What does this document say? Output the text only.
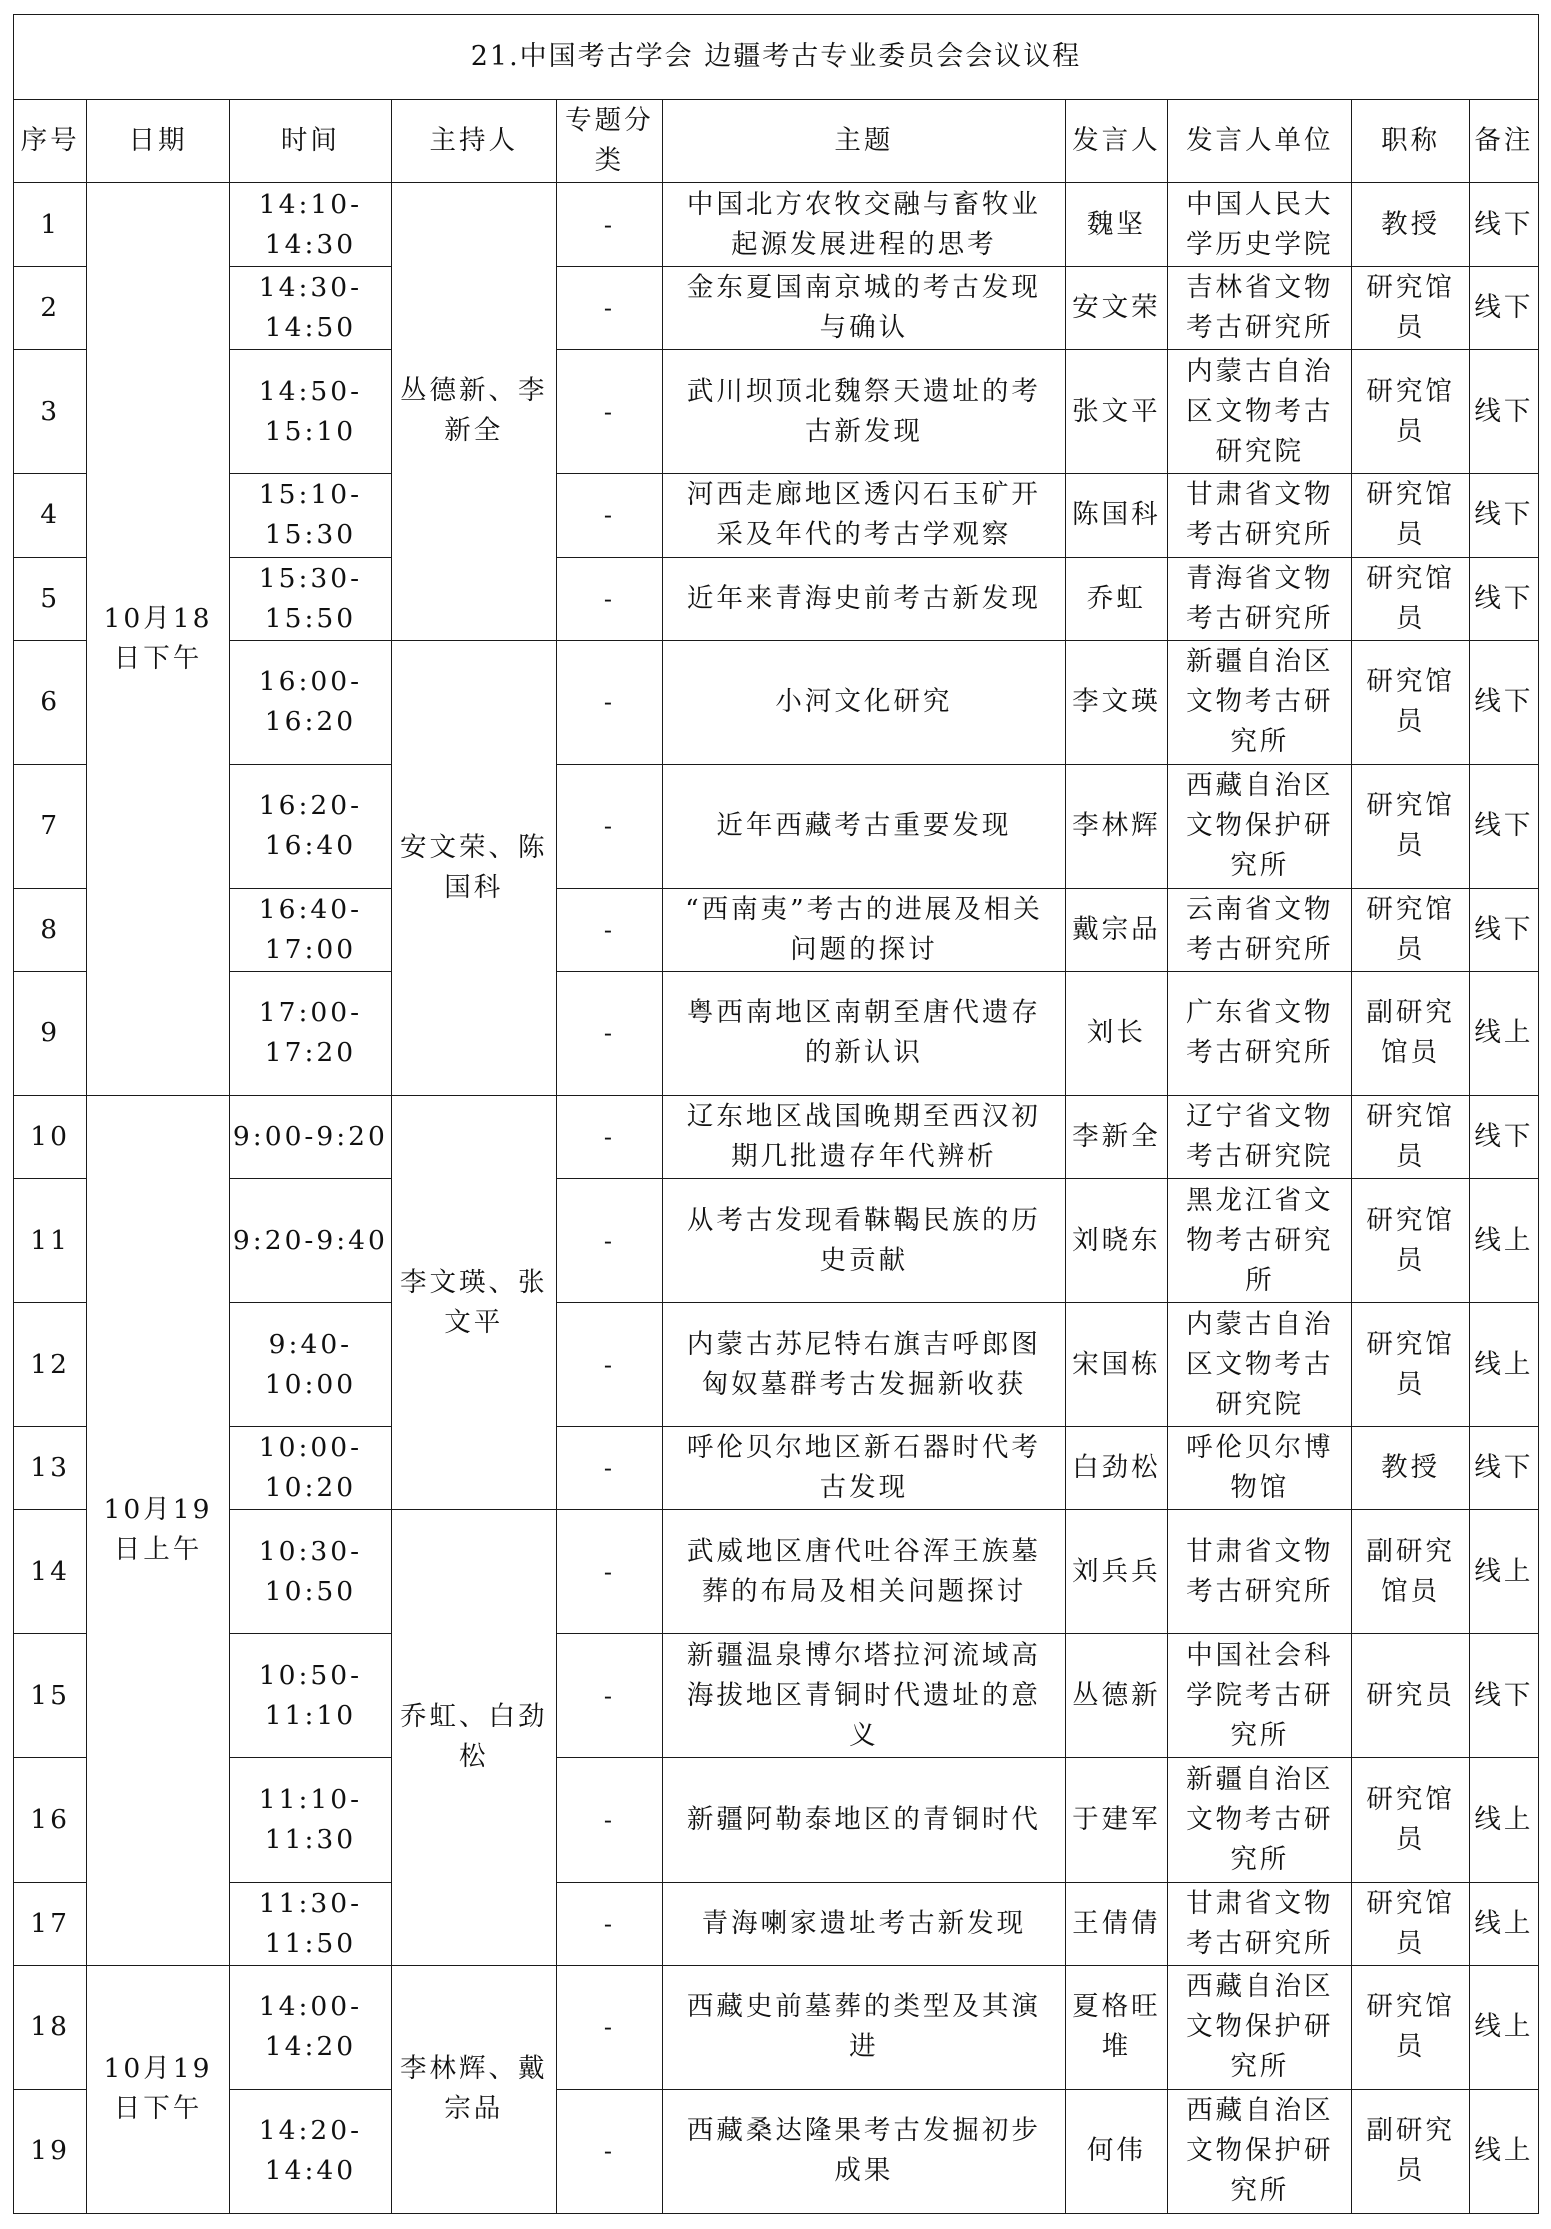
21.中国考古学会 边疆考古专业委员会会议议程									
序号	日期	时间	主持人	专题分类	主题	发言人	发言人单位	职称	备注
1	10月18日下午	14:10-14:30	丛德新、李新全	-	中国北方农牧交融与畜牧业起源发展进程的思考	魏坚	中国人民大学历史学院	教授	线下
2		14:30-14:50		-	金东夏国南京城的考古发现与确认	安文荣	吉林省文物考古研究所	研究馆员	线下
3		14:50-15:10		-	武川坝顶北魏祭天遗址的考古新发现	张文平	内蒙古自治区文物考古研究院	研究馆员	线下
4		15:10-15:30		-	河西走廊地区透闪石玉矿开采及年代的考古学观察	陈国科	甘肃省文物考古研究所	研究馆员	线下
5		15:30-15:50		-	近年来青海史前考古新发现	乔虹	青海省文物考古研究所	研究馆员	线下
6		16:00-16:20	安文荣、陈国科	-	小河文化研究	李文瑛	新疆自治区文物考古研究所	研究馆员	线下
7		16:20-16:40		-	近年西藏考古重要发现	李林辉	西藏自治区文物保护研究所	研究馆员	线下
8		16:40-17:00		-	“西南夷”考古的进展及相关问题的探讨	戴宗品	云南省文物考古研究所	研究馆员	线下
9		17:00-17:20		-	粤西南地区南朝至唐代遗存的新认识	刘长	广东省文物考古研究所	副研究馆员	线上
10	10月19日上午	9:00-9:20	李文瑛、张文平	-	辽东地区战国晚期至西汉初期几批遗存年代辨析	李新全	辽宁省文物考古研究院	研究馆员	线下
11		9:20-9:40		-	从考古发现看靺鞨民族的历史贡献	刘晓东	黑龙江省文物考古研究所	研究馆员	线上
12		9:40-10:00		-	内蒙古苏尼特右旗吉呼郎图匈奴墓群考古发掘新收获	宋国栋	内蒙古自治区文物考古研究院	研究馆员	线上
13		10:00-10:20		-	呼伦贝尔地区新石器时代考古发现	白劲松	呼伦贝尔博物馆	教授	线下
14		10:30-10:50	乔虹、白劲松	-	武威地区唐代吐谷浑王族墓葬的布局及相关问题探讨	刘兵兵	甘肃省文物考古研究所	副研究馆员	线上
15		10:50-11:10		-	新疆温泉博尔塔拉河流域高海拔地区青铜时代遗址的意义	丛德新	中国社会科学院考古研究所	研究员	线下
16		11:10-11:30		-	新疆阿勒泰地区的青铜时代	于建军	新疆自治区文物考古研究所	研究馆员	线上
17		11:30-11:50		-	青海喇家遗址考古新发现	王倩倩	甘肃省文物考古研究所	研究馆员	线上
18	10月19日下午	14:00-14:20	李林辉、戴宗品	-	西藏史前墓葬的类型及其演进	夏格旺堆	西藏自治区文物保护研究所	研究馆员	线上
19		14:20-14:40		-	西藏桑达隆果考古发掘初步成果	何伟	西藏自治区文物保护研究所	副研究员	线上
